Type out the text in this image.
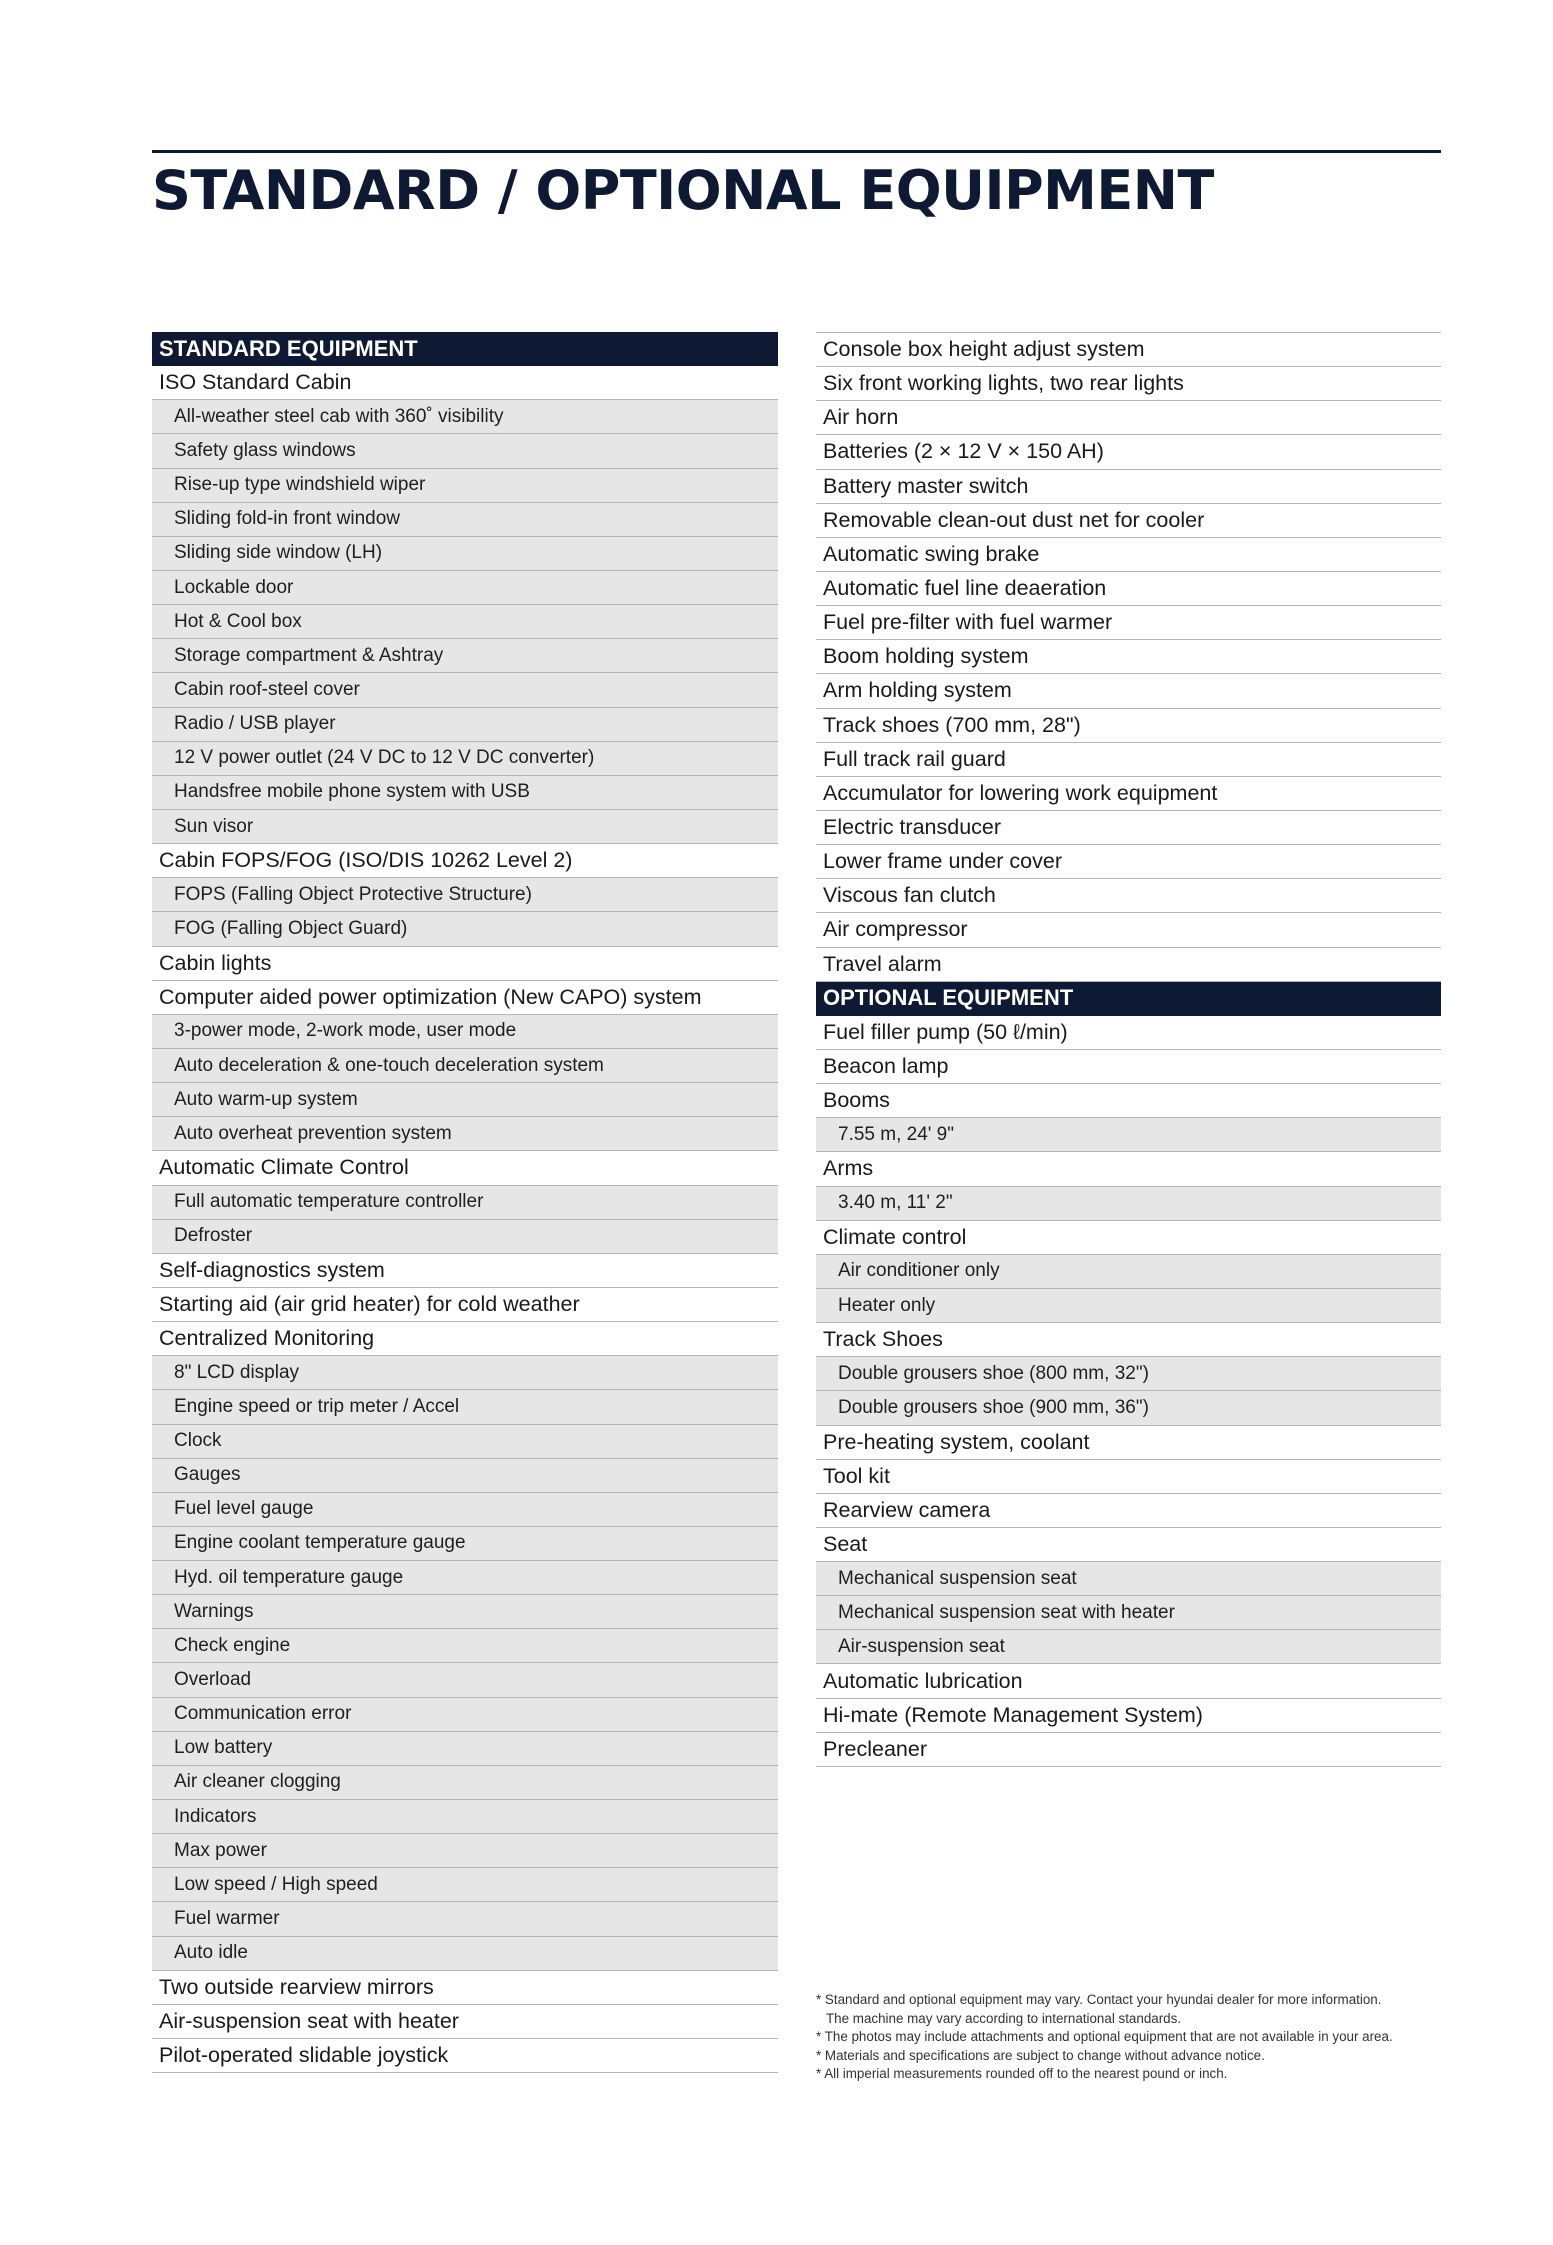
STANDARD / OPTIONAL EQUIPMENT
STANDARD EQUIPMENT
ISO Standard Cabin
All-weather steel cab with 360˚ visibility
Safety glass windows
Rise-up type windshield wiper
Sliding fold-in front window
Sliding side window (LH)
Lockable door
Hot & Cool box
Storage compartment & Ashtray
Cabin roof-steel cover
Radio / USB player
12 V power outlet (24 V DC to 12 V DC converter)
Handsfree mobile phone system with USB
Sun visor
Cabin FOPS/FOG (ISO/DIS 10262 Level 2)
FOPS (Falling Object Protective Structure)
FOG (Falling Object Guard)
Cabin lights
Computer aided power optimization (New CAPO) system
3-power mode, 2-work mode, user mode
Auto deceleration & one-touch deceleration system
Auto warm-up system
Auto overheat prevention system
Automatic Climate Control
Full automatic temperature controller
Defroster
Self-diagnostics system
Starting aid (air grid heater) for cold weather
Centralized Monitoring
8" LCD display
Engine speed or trip meter / Accel
Clock
Gauges
Fuel level gauge
Engine coolant temperature gauge
Hyd. oil temperature gauge
Warnings
Check engine
Overload
Communication error
Low battery
Air cleaner clogging
Indicators
Max power
Low speed / High speed
Fuel warmer
Auto idle
Two outside rearview mirrors
Air-suspension seat with heater
Pilot-operated slidable joystick
Console box height adjust system
Six front working lights, two rear lights
Air horn
Batteries (2 × 12 V × 150 AH)
Battery master switch
Removable clean-out dust net for cooler
Automatic swing brake
Automatic fuel line deaeration
Fuel pre-filter with fuel warmer
Boom holding system
Arm holding system
Track shoes (700 mm, 28")
Full track rail guard
Accumulator for lowering work equipment
Electric transducer
Lower frame under cover
Viscous fan clutch
Air compressor
Travel alarm
OPTIONAL EQUIPMENT
Fuel filler pump (50 ℓ/min)
Beacon lamp
Booms
7.55 m, 24' 9"
Arms
3.40 m, 11' 2"
Climate control
Air conditioner only
Heater only
Track Shoes
Double grousers shoe (800 mm, 32")
Double grousers shoe (900 mm, 36")
Pre-heating system, coolant
Tool kit
Rearview camera
Seat
Mechanical suspension seat
Mechanical suspension seat with heater
Air-suspension seat
Automatic lubrication
Hi-mate (Remote Management System)
Precleaner
* Standard and optional equipment may vary. Contact your hyundai dealer for more information.
The machine may vary according to international standards.
* The photos may include attachments and optional equipment that are not available in your area.
* Materials and specifications are subject to change without advance notice.
* All imperial measurements rounded off to the nearest pound or inch.
